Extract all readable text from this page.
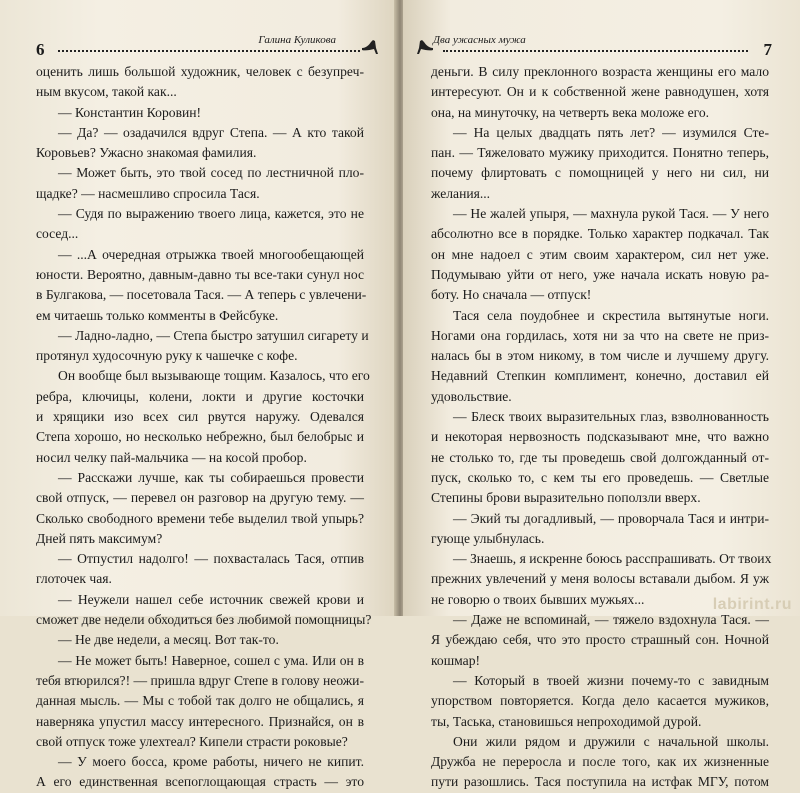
6	Галина Куликова
оценить лишь большой художник, человек с безупреч-
ным вкусом, такой как...
— Константин Коровин!
— Да? — озадачился вдруг Степа. — А кто такой
Коровьев? Ужасно знакомая фамилия.
— Может быть, это твой сосед по лестничной пло-
щадке? — насмешливо спросила Тася.
— Судя по выражению твоего лица, кажется, это не
сосед...
— ...А очередная отрыжка твоей многообещающей
юности. Вероятно, давным-давно ты все-таки сунул нос
в Булгакова, — посетовала Тася. — А теперь с увлечени-
ем читаешь только комменты в Фейсбуке.
— Ладно-ладно, — Степа быстро затушил сигарету и
протянул худосочную руку к чашечке с кофе.
Он вообще был вызывающе тощим. Казалось, что его
ребра, ключицы, колени, локти и другие косточки
и хрящики изо всех сил рвутся наружу. Одевался
Степа хорошо, но несколько небрежно, был белобрыс и
носил челку пай-мальчика — на косой пробор.
— Расскажи лучше, как ты собираешься провести
свой отпуск, — перевел он разговор на другую тему. —
Сколько свободного времени тебе выделил твой упырь?
Дней пять максимум?
— Отпустил надолго! — похвасталась Тася, отпив
глоточек чая.
— Неужели нашел себе источник свежей крови и
сможет две недели обходиться без любимой помощницы?
— Не две недели, а месяц. Вот так-то.
— Не может быть! Наверное, сошел с ума. Или он в
тебя втюрился?! — пришла вдруг Степе в голову неожи-
данная мысль. — Мы с тобой так долго не общались, я
наверняка упустил массу интересного. Признайся, он в
свой отпуск тоже улехтеал? Кипели страсти роковые?
— У моего босса, кроме работы, ничего не кипит.
А его единственная всепоглощающая страсть — это
Два ужасных мужа	7
деньги. В силу преклонного возраста женщины его мало
интересуют. Он и к собственной жене равнодушен, хотя
она, на минуточку, на четверть века моложе его.
— На целых двадцать пять лет? — изумился Сте-
пан. — Тяжеловато мужику приходится. Понятно теперь,
почему флиртовать с помощницей у него ни сил, ни
желания...
— Не жалей упыря, — махнула рукой Тася. — У него
абсолютно все в порядке. Только характер подкачал. Так
он мне надоел с этим своим характером, сил нет уже.
Подумываю уйти от него, уже начала искать новую ра-
боту. Но сначала — отпуск!
Тася села поудобнее и скрестила вытянутые ноги.
Ногами она гордилась, хотя ни за что на свете не приз-
налась бы в этом никому, в том числе и лучшему другу.
Недавний Степкин комплимент, конечно, доставил ей
удовольствие.
— Блеск твоих выразительных глаз, взволнованность
и некоторая нервозность подсказывают мне, что важно
не столько то, где ты проведешь свой долгожданный от-
пуск, сколько то, с кем ты его проведешь. — Светлые
Степины брови выразительно поползли вверх.
— Экий ты догадливый, — проворчала Тася и интри-
гующе улыбнулась.
— Знаешь, я искренне боюсь расспрашивать. От твоих
прежних увлечений у меня волосы вставали дыбом. Я уж
не говорю о твоих бывших мужьях...
— Даже не вспоминай, — тяжело вздохнула Тася. —
Я убеждаю себя, что это просто страшный сон. Ночной
кошмар!
— Который в твоей жизни почему-то с завидным
упорством повторяется. Когда дело касается мужиков,
ты, Таська, становишься непроходимой дурой.
Они жили рядом и дружили с начальной школы.
Дружба не переросла и после того, как их жизненные
пути разошлись. Тася поступила на истфак МГУ, потом
labirint.ru
